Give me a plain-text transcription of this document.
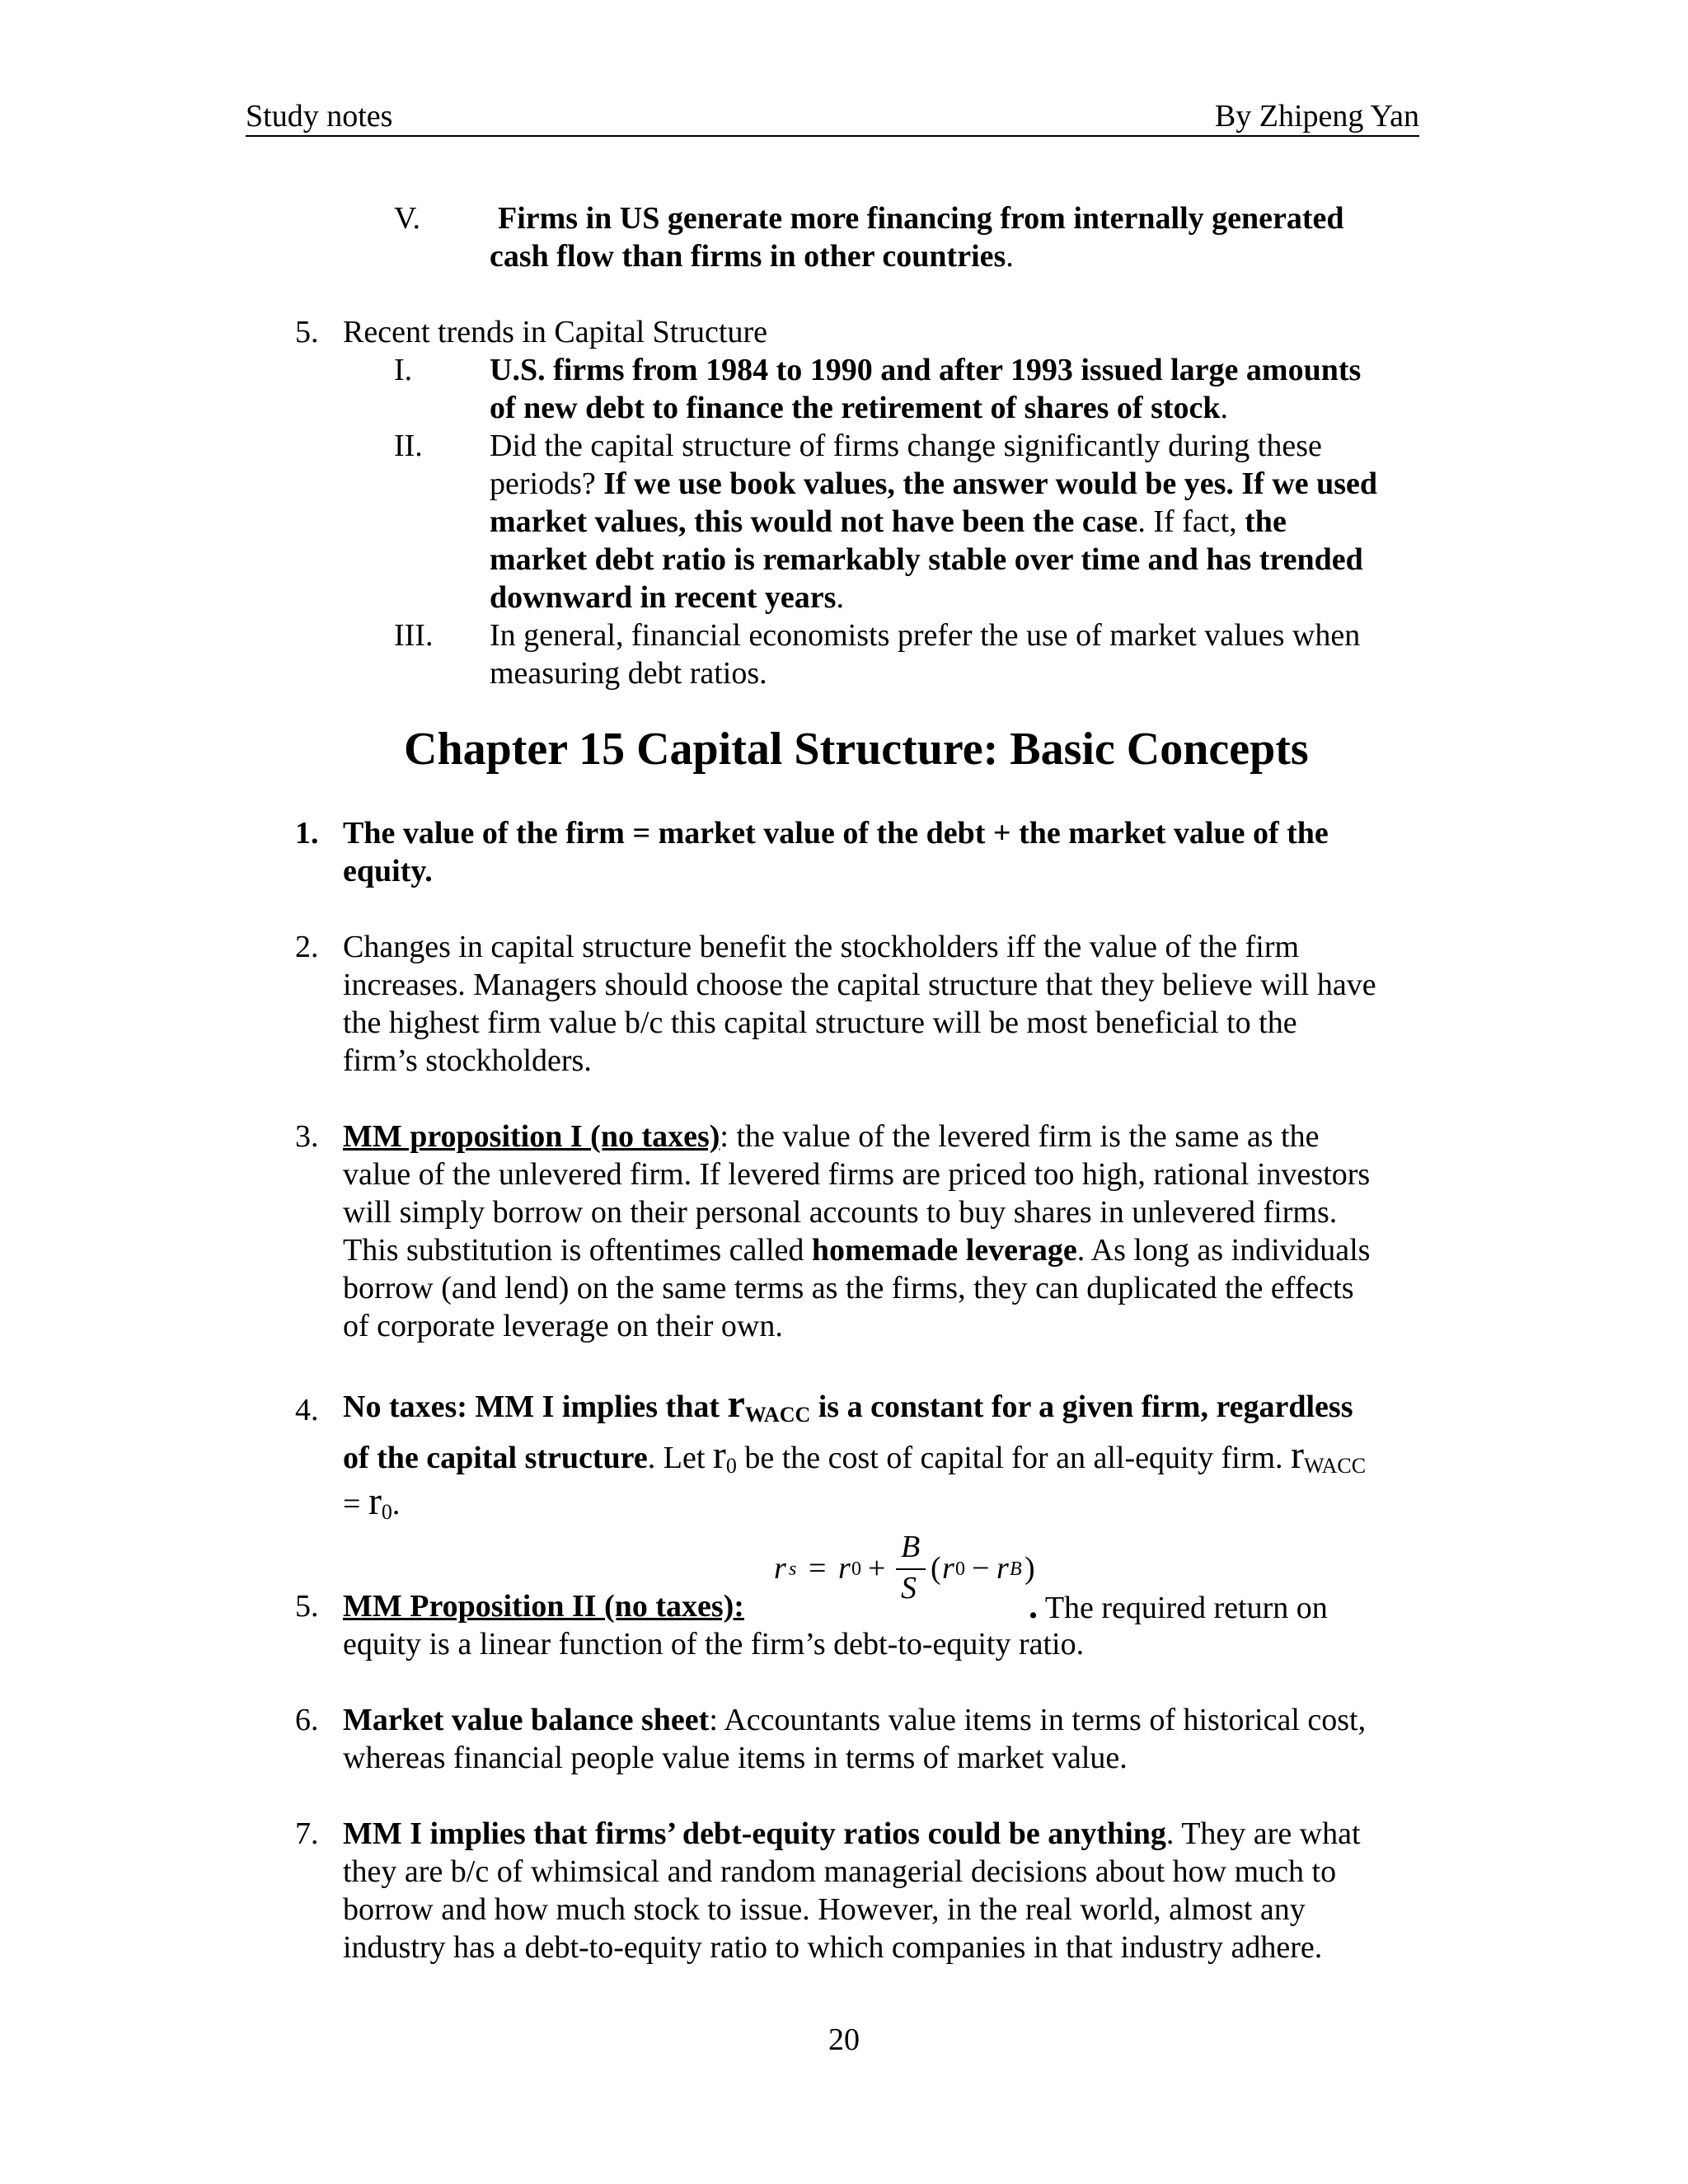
Study notes	By Zhipeng Yan
V. Firms in US generate more financing from internally generated
cash flow than firms in other countries.
5. Recent trends in Capital Structure
I. U.S. firms from 1984 to 1990 and after 1993 issued large amounts
of new debt to finance the retirement of shares of stock.
II. Did the capital structure of firms change significantly during these
periods? If we use book values, the answer would be yes. If we used
market values, this would not have been the case. If fact, the
market debt ratio is remarkably stable over time and has trended
downward in recent years.
III. In general, financial economists prefer the use of market values when
measuring debt ratios.
Chapter 15 Capital Structure: Basic Concepts
1. The value of the firm = market value of the debt + the market value of the
equity.
2. Changes in capital structure benefit the stockholders iff the value of the firm
increases. Managers should choose the capital structure that they believe will have
the highest firm value b/c this capital structure will be most beneficial to the
firm’s stockholders.
3. MM proposition I (no taxes): the value of the levered firm is the same as the
value of the unlevered firm. If levered firms are priced too high, rational investors
will simply borrow on their personal accounts to buy shares in unlevered firms.
This substitution is oftentimes called homemade leverage. As long as individuals
borrow (and lend) on the same terms as the firms, they can duplicated the effects
of corporate leverage on their own.
4. No taxes: MM I implies that rWACC is a constant for a given firm, regardless
of the capital structure. Let $r_0$ be the cost of capital for an all-equity firm. $r_{WACC}$
= $r_0$.
r s = r 0 +
B
S
( r 0 − r B )
5. MM Proposition II (no taxes):	. The required return on
equity is a linear function of the firm’s debt-to-equity ratio.
6. Market value balance sheet: Accountants value items in terms of historical cost,
whereas financial people value items in terms of market value.
7. MM I implies that firms’ debt-equity ratios could be anything. They are what
they are b/c of whimsical and random managerial decisions about how much to
borrow and how much stock to issue. However, in the real world, almost any
industry has a debt-to-equity ratio to which companies in that industry adhere.
20
